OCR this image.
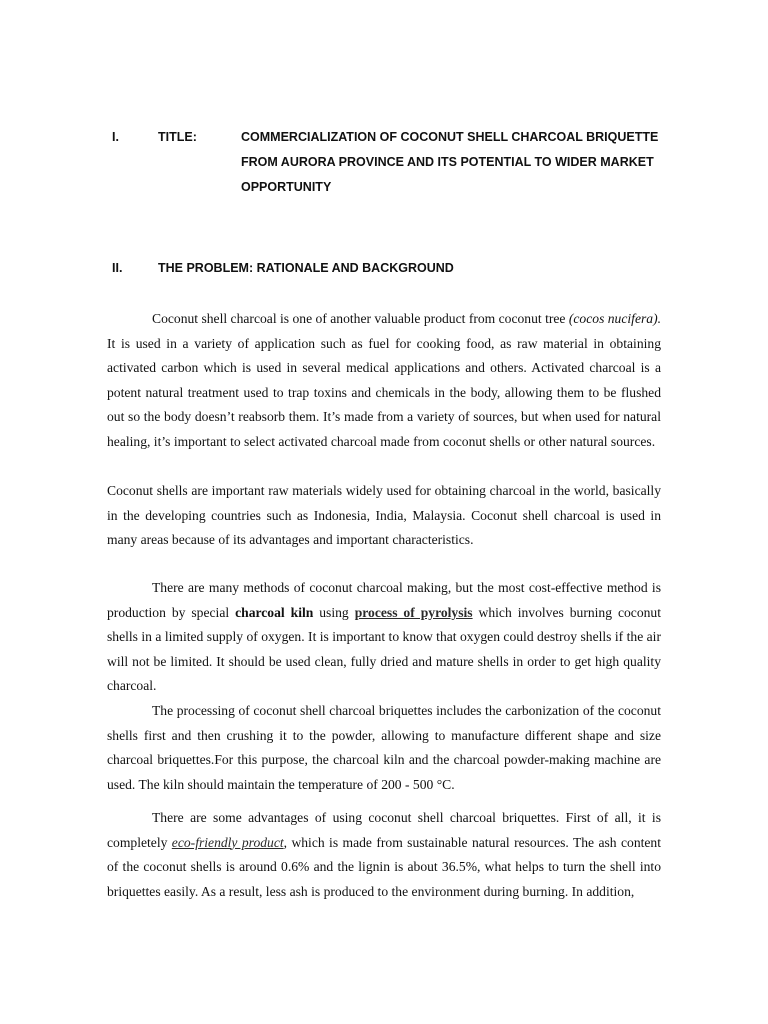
I.	TITLE:	COMMERCIALIZATION OF COCONUT SHELL CHARCOAL BRIQUETTE FROM AURORA PROVINCE AND ITS POTENTIAL TO WIDER MARKET OPPORTUNITY
II.	THE PROBLEM: RATIONALE AND BACKGROUND

Coconut shell charcoal is one of another valuable product from coconut tree (cocos nucifera). It is used in a variety of application such as fuel for cooking food, as raw material in obtaining activated carbon which is used in several medical applications and others. Activated charcoal is a potent natural treatment used to trap toxins and chemicals in the body, allowing them to be flushed out so the body doesn’t reabsorb them. It’s made from a variety of sources, but when used for natural healing, it’s important to select activated charcoal made from coconut shells or other natural sources.

Coconut shells are important raw materials widely used for obtaining charcoal in the world, basically in the developing countries such as Indonesia, India, Malaysia. Coconut shell charcoal is used in many areas because of its advantages and important characteristics.

There are many methods of coconut charcoal making, but the most cost-effective method is production by special charcoal kiln using process of pyrolysis which involves burning coconut shells in a limited supply of oxygen. It is important to know that oxygen could destroy shells if the air will not be limited. It should be used clean, fully dried and mature shells in order to get high quality charcoal.

The processing of coconut shell charcoal briquettes includes the carbonization of the coconut shells first and then crushing it to the powder, allowing to manufacture different shape and size charcoal briquettes.For this purpose, the charcoal kiln and the charcoal powder-making machine are used. The kiln should maintain the temperature of 200 - 500 °C.

There are some advantages of using coconut shell charcoal briquettes. First of all, it is completely eco-friendly product, which is made from sustainable natural resources. The ash content of the coconut shells is around 0.6% and the lignin is about 36.5%, what helps to turn the shell into briquettes easily. As a result, less ash is produced to the environment during burning. In addition,
